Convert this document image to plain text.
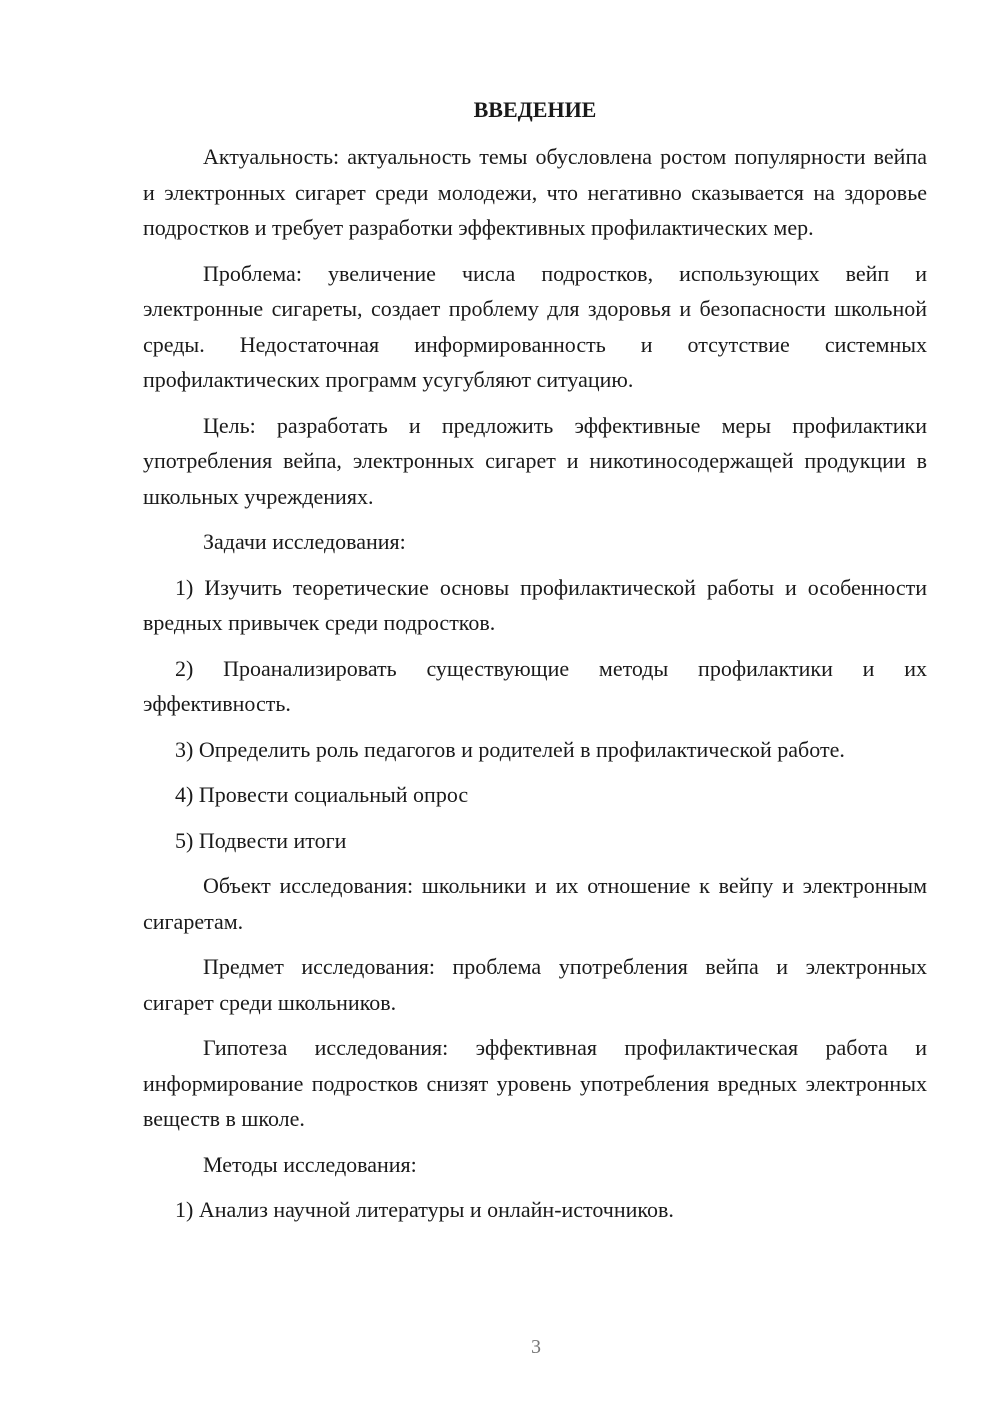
ВВЕДЕНИЕ

Актуальность: актуальность темы обусловлена ростом популярности вейпа и электронных сигарет среди молодежи, что негативно сказывается на здоровье подростков и требует разработки эффективных профилактических мер.

Проблема: увеличение числа подростков, использующих вейп и электронные сигареты, создает проблему для здоровья и безопасности школьной среды. Недостаточная информированность и отсутствие системных профилактических программ усугубляют ситуацию.

Цель: разработать и предложить эффективные меры профилактики употребления вейпа, электронных сигарет и никотиносодержащей продукции в школьных учреждениях.

Задачи исследования:

1) Изучить теоретические основы профилактической работы и особенности вредных привычек среди подростков.

2) Проанализировать существующие методы профилактики и их эффективность.

3) Определить роль педагогов и родителей в профилактической работе.

4) Провести социальный опрос

5) Подвести итоги

Объект исследования: школьники и их отношение к вейпу и электронным сигаретам.

Предмет исследования: проблема употребления вейпа и электронных сигарет среди школьников.

Гипотеза исследования: эффективная профилактическая работа и информирование подростков снизят уровень употребления вредных электронных веществ в школе.

Методы исследования:

1) Анализ научной литературы и онлайн-источников.

3
